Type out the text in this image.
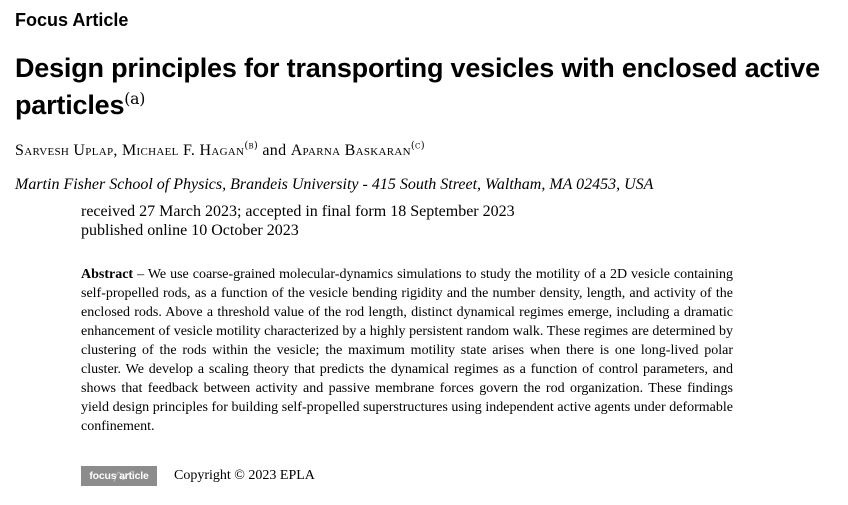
Focus Article
Design principles for transporting vesicles with enclosed active particles$^{(a)}$
Sarvesh Uplap, Michael F. Hagan$^{(b)}$ and Aparna Baskaran$^{(c)}$
Martin Fisher School of Physics, Brandeis University - 415 South Street, Waltham, MA 02453, USA
received 27 March 2023; accepted in final form 18 September 2023
published online 10 October 2023
Abstract – We use coarse-grained molecular-dynamics simulations to study the motility of a 2D vesicle containing self-propelled rods, as a function of the vesicle bending rigidity and the number density, length, and activity of the enclosed rods. Above a threshold value of the rod length, distinct dynamical regimes emerge, including a dramatic enhancement of vesicle motility characterized by a highly persistent random walk. These regimes are determined by clustering of the rods within the vesicle; the maximum motility state arises when there is one long-lived polar cluster. We develop a scaling theory that predicts the dynamical regimes as a function of control parameters, and shows that feedback between activity and passive membrane forces govern the rod organization. These findings yield design principles for building self-propelled superstructures using independent active agents under deformable confinement.
focus article	Copyright © 2023 EPLA
